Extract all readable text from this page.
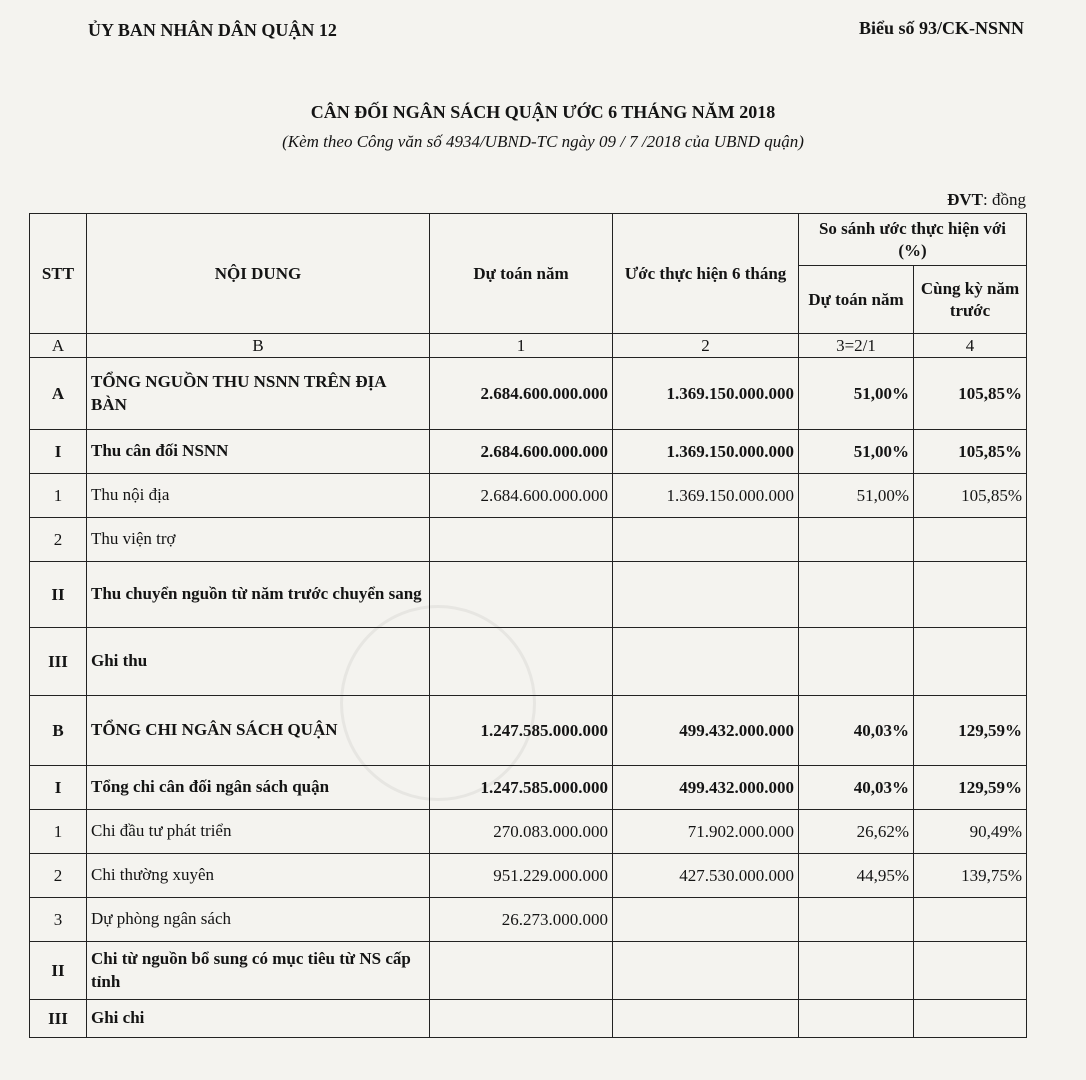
ỦY BAN NHÂN DÂN QUẬN 12	Biểu số 93/CK-NSNN
CÂN ĐỐI NGÂN SÁCH QUẬN ƯỚC 6 THÁNG NĂM 2018
(Kèm theo Công văn số 4934/UBND-TC ngày 09 / 7 /2018 của UBND quận)
ĐVT: đồng
STT	NỘI DUNG	Dự toán năm	Ước thực hiện 6 tháng	So sánh ước thực hiện với (%)	
				Dự toán năm	Cùng kỳ năm trước
A	B	1	2	3=2/1	4
A	TỔNG NGUỒN THU NSNN TRÊN ĐỊA BÀN	2.684.600.000.000	1.369.150.000.000	51,00%	105,85%
I	Thu cân đối NSNN	2.684.600.000.000	1.369.150.000.000	51,00%	105,85%
1	Thu nội địa	2.684.600.000.000	1.369.150.000.000	51,00%	105,85%
2	Thu viện trợ				
II	Thu chuyển nguồn từ năm trước chuyển sang				
III	Ghi thu				
B	TỔNG CHI NGÂN SÁCH QUẬN	1.247.585.000.000	499.432.000.000	40,03%	129,59%
I	Tổng chi cân đối ngân sách quận	1.247.585.000.000	499.432.000.000	40,03%	129,59%
1	Chi đầu tư phát triển	270.083.000.000	71.902.000.000	26,62%	90,49%
2	Chi thường xuyên	951.229.000.000	427.530.000.000	44,95%	139,75%
3	Dự phòng ngân sách	26.273.000.000			
II	Chi từ nguồn bổ sung có mục tiêu từ NS cấp tỉnh				
III	Ghi chi				
